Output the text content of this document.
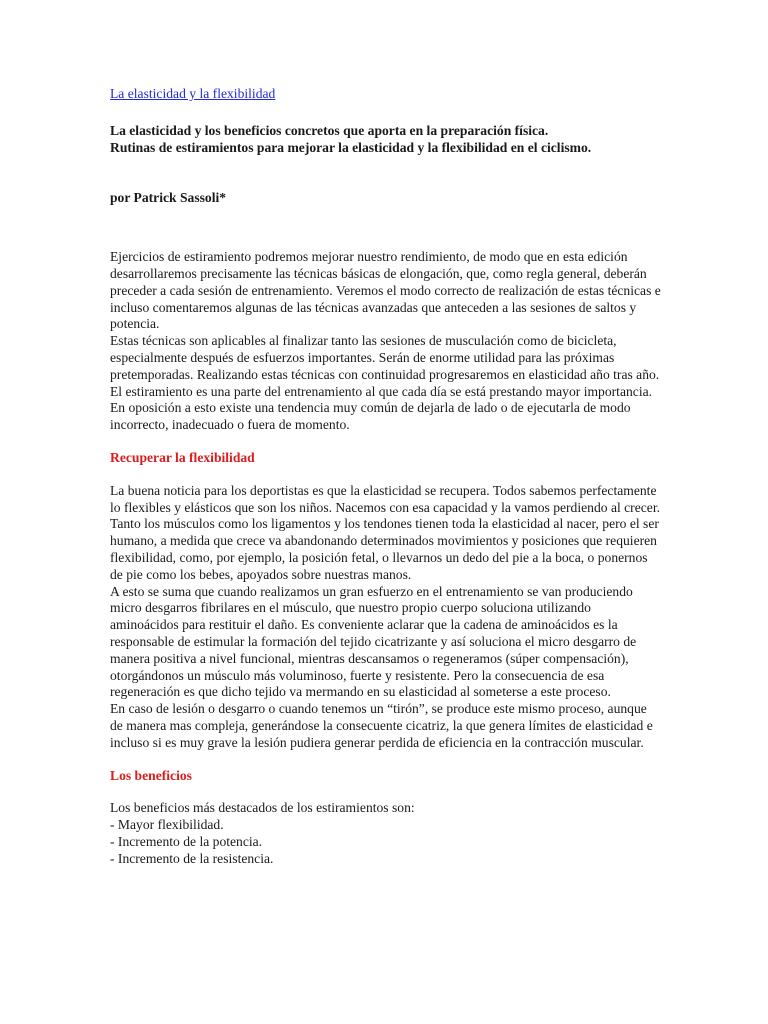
La elasticidad y la flexibilidad

La elasticidad y los beneficios concretos que aporta en la preparación física.
Rutinas de estiramientos para mejorar la elasticidad y la flexibilidad en el ciclismo.

por Patrick Sassoli*

Ejercicios de estiramiento podremos mejorar nuestro rendimiento, de modo que en esta edición desarrollaremos precisamente las técnicas básicas de elongación, que, como regla general, deberán preceder a cada sesión de entrenamiento. Veremos el modo correcto de realización de estas técnicas e incluso comentaremos algunas de las técnicas avanzadas que anteceden a las sesiones de saltos y potencia.
Estas técnicas son aplicables al finalizar tanto las sesiones de musculación como de bicicleta, especialmente después de esfuerzos importantes. Serán de enorme utilidad para las próximas pretemporadas. Realizando estas técnicas con continuidad progresaremos en elasticidad año tras año.
El estiramiento es una parte del entrenamiento al que cada día se está prestando mayor importancia. En oposición a esto existe una tendencia muy común de dejarla de lado o de ejecutarla de modo incorrecto, inadecuado o fuera de momento.

Recuperar la flexibilidad

La buena noticia para los deportistas es que la elasticidad se recupera. Todos sabemos perfectamente lo flexibles y elásticos que son los niños. Nacemos con esa capacidad y la vamos perdiendo al crecer. Tanto los músculos como los ligamentos y los tendones tienen toda la elasticidad al nacer, pero el ser humano, a medida que crece va abandonando determinados movimientos y posiciones que requieren flexibilidad, como, por ejemplo, la posición fetal, o llevarnos un dedo del pie a la boca, o ponernos de pie como los bebes, apoyados sobre nuestras manos.
A esto se suma que cuando realizamos un gran esfuerzo en el entrenamiento se van produciendo micro desgarros fibrilares en el músculo, que nuestro propio cuerpo soluciona utilizando aminoácidos para restituir el daño. Es conveniente aclarar que la cadena de aminoácidos es la responsable de estimular la formación del tejido cicatrizante y así soluciona el micro desgarro de manera positiva a nivel funcional, mientras descansamos o regeneramos (súper compensación), otorgándonos un músculo más voluminoso, fuerte y resistente. Pero la consecuencia de esa regeneración es que dicho tejido va mermando en su elasticidad al someterse a este proceso.
En caso de lesión o desgarro o cuando tenemos un “tirón”, se produce este mismo proceso, aunque de manera mas compleja, generándose la consecuente cicatriz, la que genera límites de elasticidad e incluso si es muy grave la lesión pudiera generar perdida de eficiencia en la contracción muscular.

Los beneficios

Los beneficios más destacados de los estiramientos son:
- Mayor flexibilidad.
- Incremento de la potencia.
- Incremento de la resistencia.
